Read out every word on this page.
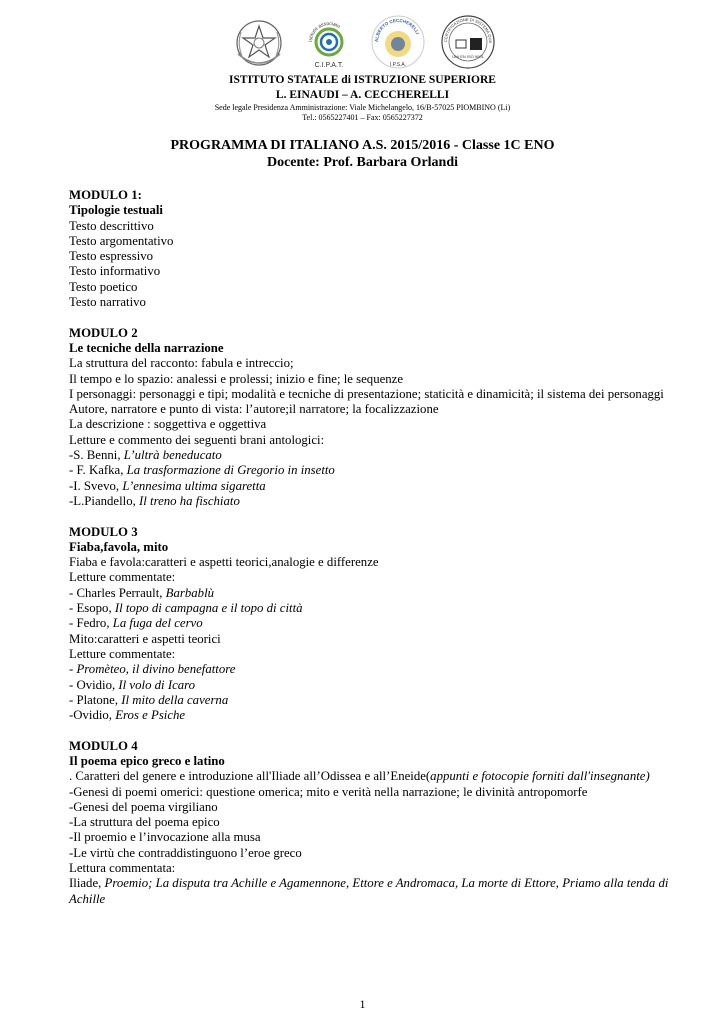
Istituto associato
C.I.P.A.T.
ALBERTO CECCHERELLI
I.P.S.A.
CERTIFICAZIONE DI SISTEMA QUA
UNI EN ISO 9001
ISTITUTO STATALE di ISTRUZIONE SUPERIORE
L. EINAUDI – A. CECCHERELLI
Sede legale Presidenza Amministrazione: Viale Michelangelo, 16/B-57025 PIOMBINO (Li)
Tel.: 0565227401 – Fax: 0565227372
PROGRAMMA DI ITALIANO A.S. 2015/2016 - Classe 1C ENO
Docente: Prof. Barbara Orlandi
MODULO 1:
Tipologie testuali
Testo descrittivo
Testo argomentativo
Testo espressivo
Testo informativo
Testo poetico
Testo narrativo
MODULO 2
Le tecniche della narrazione
La struttura del racconto: fabula e intreccio;
Il tempo e lo spazio: analessi e prolessi; inizio e fine; le sequenze
I personaggi: personaggi e tipi; modalità e tecniche di presentazione; staticità e dinamicità; il sistema dei personaggi
Autore, narratore e punto di vista: l’autore;il narratore; la focalizzazione
La descrizione : soggettiva e oggettiva
Letture e commento dei seguenti brani antologici:
-S. Benni, L’ultrà beneducato
- F. Kafka, La trasformazione di Gregorio in insetto
-I. Svevo, L’ennesima ultima sigaretta
-L.Piandello, Il treno ha fischiato
MODULO 3
Fiaba,favola, mito
Fiaba e favola:caratteri e aspetti teorici,analogie e differenze
Letture commentate:
- Charles Perrault, Barbablù
- Esopo, Il topo di campagna e il topo di città
- Fedro, La fuga del cervo
Mito:caratteri e aspetti teorici
Letture commentate:
- Promèteo, il divino benefattore
- Ovidio, Il volo di Icaro
- Platone, Il mito della caverna
-Ovidio, Eros e Psiche
MODULO 4
Il poema epico greco e latino
. Caratteri del genere e introduzione all'Iliade all’Odissea e all’Eneide(appunti e fotocopie forniti dall'insegnante)
-Genesi di poemi omerici: questione omerica; mito e verità nella narrazione; le divinità antropomorfe
-Genesi del poema virgiliano
-La struttura del poema epico
-Il proemio e l’invocazione alla musa
-Le virtù che contraddistinguono l’eroe greco
Lettura commentata:
Iliade, Proemio; La disputa tra Achille e Agamennone, Ettore e Andromaca, La morte di Ettore, Priamo alla tenda di Achille
1
